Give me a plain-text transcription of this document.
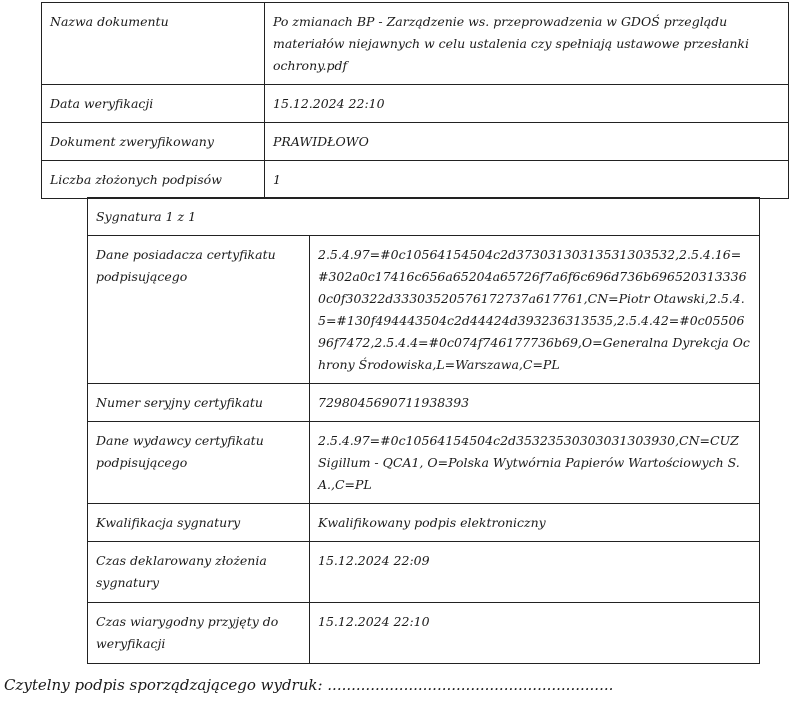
Nazwa dokumentu	Po zmianach BP - Zarządzenie ws. przeprowadzenia w GDOŚ przeglądu materiałów niejawnych w celu ustalenia czy spełniają ustawowe przesłanki ochrony.pdf
Data weryfikacji	15.12.2024 22:10
Dokument zweryfikowany	PRAWIDŁOWO
Liczba złożonych podpisów	1
Sygnatura 1 z 1	
Dane posiadacza certyfikatu podpisującego	2.5.4.97=#0c10564154504c2d37303130313531303532,2.5.4.16=#302a0c17416c656a65204a65726f7a6f6c696d736b6965203133360c0f30322d33303520576172737a617761,CN=Piotr Otawski,2.5.4.5=#130f494443504c2d44424d393236313535,2.5.4.42=#0c0550696f7472,2.5.4.4=#0c074f746177736b69,O=Generalna Dyrekcja Ochrony Środowiska,L=Warszawa,C=PL
Numer seryjny certyfikatu	7298045690711938393
Dane wydawcy certyfikatu podpisującego	2.5.4.97=#0c10564154504c2d35323530303031303930,CN=CUZ Sigillum - QCA1, O=Polska Wytwórnia Papierów Wartościowych S.A.,C=PL
Kwalifikacja sygnatury	Kwalifikowany podpis elektroniczny
Czas deklarowany złożenia sygnatury	15.12.2024 22:09
Czas wiarygodny przyjęty do weryfikacji	15.12.2024 22:10
Czytelny podpis sporządzającego wydruk: ............................................................
